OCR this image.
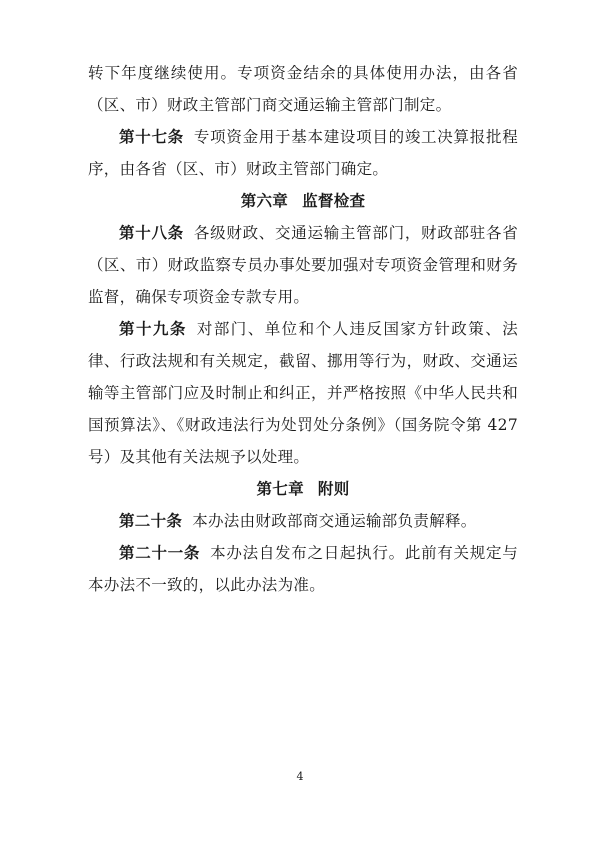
转下年度继续使用。专项资金结余的具体使用办法，由各省（区、市）财政主管部门商交通运输主管部门制定。

第十七条 专项资金用于基本建设项目的竣工决算报批程序，由各省（区、市）财政主管部门确定。

第六章 监督检查

第十八条 各级财政、交通运输主管部门，财政部驻各省（区、市）财政监察专员办事处要加强对专项资金管理和财务监督，确保专项资金专款专用。

第十九条 对部门、单位和个人违反国家方针政策、法律、行政法规和有关规定，截留、挪用等行为，财政、交通运输等主管部门应及时制止和纠正，并严格按照《中华人民共和国预算法》、《财政违法行为处罚处分条例》（国务院令第 427 号）及其他有关法规予以处理。

第七章 附则

第二十条 本办法由财政部商交通运输部负责解释。

第二十一条 本办法自发布之日起执行。此前有关规定与本办法不一致的，以此办法为准。

4
